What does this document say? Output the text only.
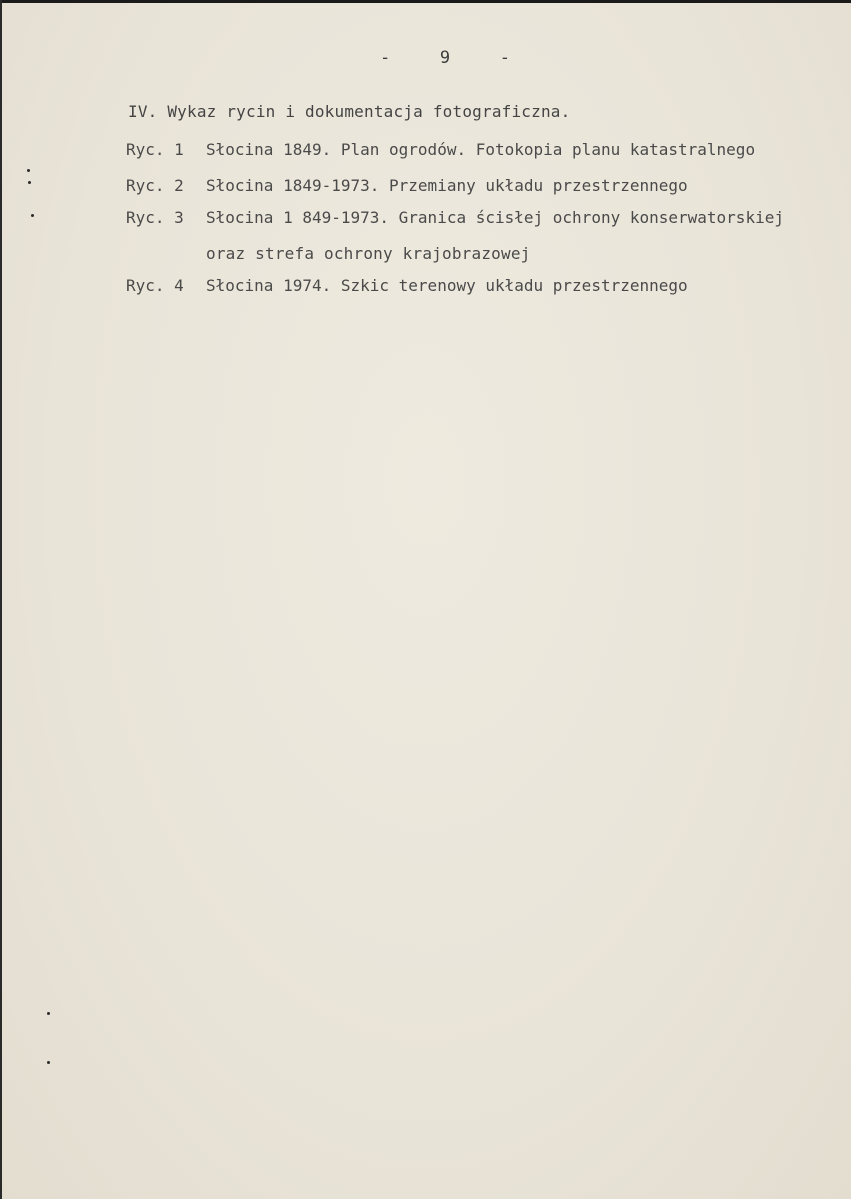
-	9	-
IV. Wykaz rycin i dokumentacja fotograficzna.
Ryc. 1 Słocina 1849. Plan ogrodów. Fotokopia planu katastralnego
Ryc. 2 Słocina 1849-1973. Przemiany układu przestrzennego
Ryc. 3 Słocina 1 849-1973. Granica ścisłej ochrony konserwatorskiej
oraz strefa ochrony krajobrazowej
Ryc. 4 Słocina 1974. Szkic terenowy układu przestrzennego
